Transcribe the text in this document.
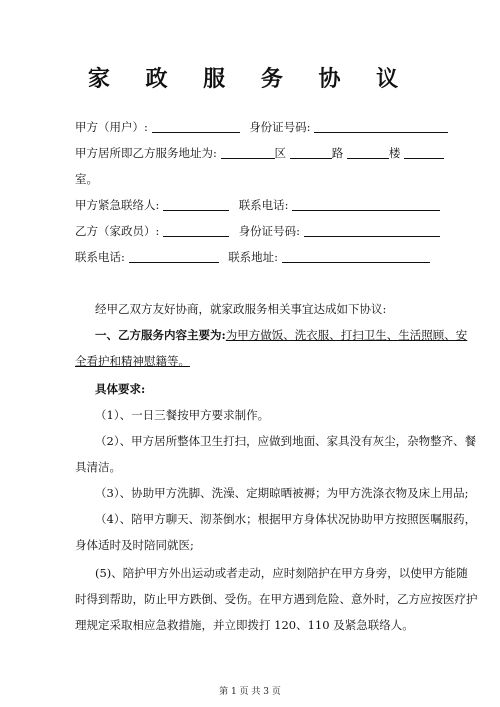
家 政 服 务 协 议
甲方（用户）:	身份证号码:
甲方居所即乙方服务地址为:	区	路	楼
室。
甲方紧急联络人:	联系电话:
乙方（家政员）:	身份证号码:
联系电话:	联系地址:
经甲乙双方友好协商，就家政服务相关事宜达成如下协议:
一、乙方服务内容主要为:为甲方做饭、洗衣服、打扫卫生、生活照顾、安
全看护和精神慰籍等。
具体要求:
（1）、一日三餐按甲方要求制作。
（2）、甲方居所整体卫生打扫，应做到地面、家具没有灰尘，杂物整齐、餐
具清洁。
（3）、协助甲方洗脚、洗澡、定期晾晒被褥；为甲方洗涤衣物及床上用品;
（4）、陪甲方聊天、沏茶倒水；根据甲方身体状况协助甲方按照医嘱服药，
身体适时及时陪同就医;
(5)、陪护甲方外出运动或者走动，应时刻陪护在甲方身旁，以使甲方能随
时得到帮助，防止甲方跌倒、受伤。在甲方遇到危险、意外时，乙方应按医疗护
理规定采取相应急救措施，并立即拨打 120、110 及紧急联络人。
第 1 页 共 3 页
